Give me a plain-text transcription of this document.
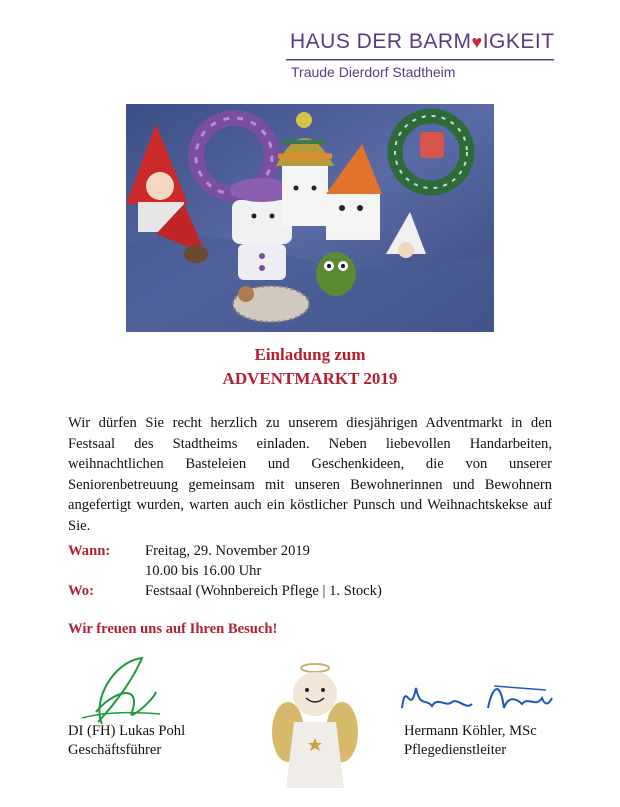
HAUS DER BARM♥IGKEIT
Traude Dierdorf Stadtheim
Einladung zum
ADVENTMARKT 2019

Wir dürfen Sie recht herzlich zu unserem diesjährigen Adventmarkt in den Festsaal des Stadtheims einladen. Neben liebevollen Handarbeiten, weihnachtlichen Basteleien und Geschenkideen, die von unserer Seniorenbetreuung gemeinsam mit unseren Bewohnerinnen und Bewohnern angefertigt wurden, warten auch ein köstlicher Punsch und Weihnachtskekse auf Sie.

Wann: Freitag, 29. November 2019
10.00 bis 16.00 Uhr
Wo:	Festsaal (Wohnbereich Pflege | 1. Stock)
Wir freuen uns auf Ihren Besuch!
DI (FH) Lukas Pohl
Geschäftsführer
Hermann Köhler, MSc
Pflegedienstleiter
